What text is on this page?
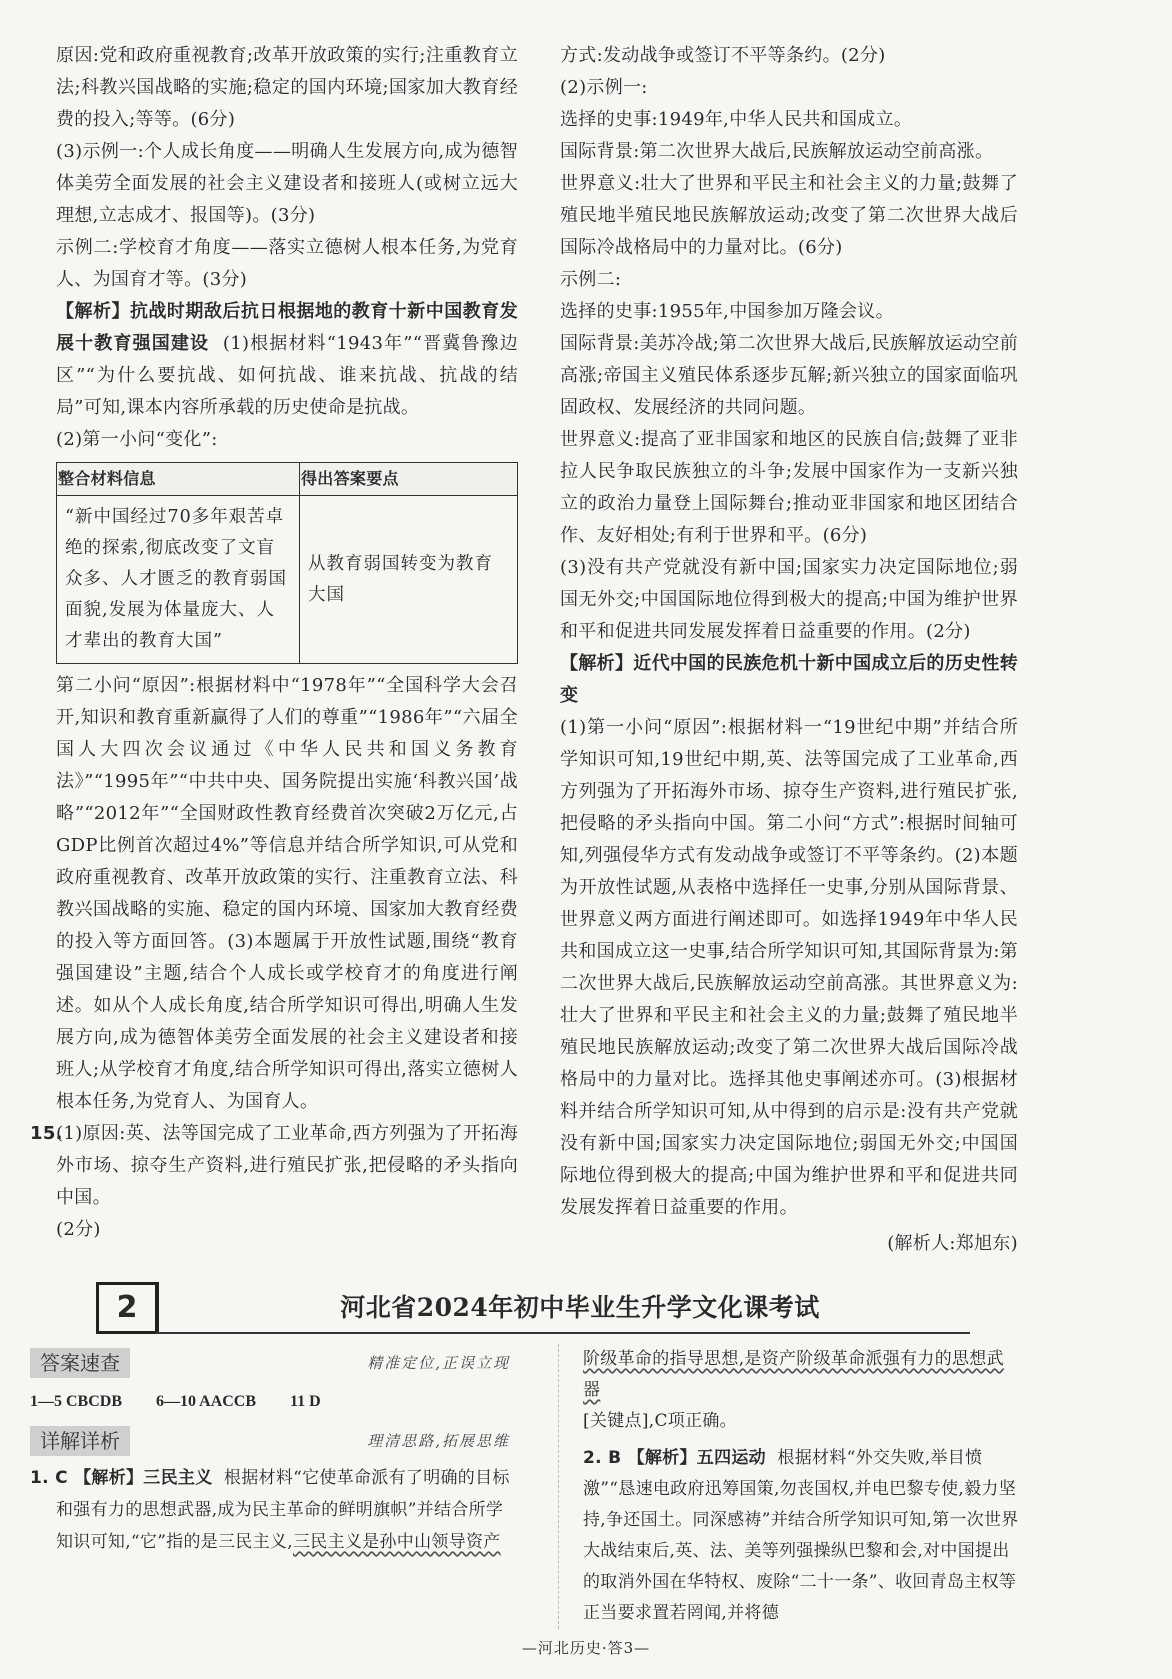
原因:党和政府重视教育;改革开放政策的实行;注重教育立法;科教兴国战略的实施;稳定的国内环境;国家加大教育经费的投入;等等。(6分)

(3)示例一:个人成长角度——明确人生发展方向,成为德智体美劳全面发展的社会主义建设者和接班人(或树立远大理想,立志成才、报国等)。(3分)

示例二:学校育才角度——落实立德树人根本任务,为党育人、为国育才等。(3分)

【解析】抗战时期敌后抗日根据地的教育十新中国教育发展十教育强国建设 (1)根据材料“1943年”“晋冀鲁豫边区”“为什么要抗战、如何抗战、谁来抗战、抗战的结局”可知,课本内容所承载的历史使命是抗战。

(2)第一小问“变化”:

整合材料信息	得出答案要点
“新中国经过70多年艰苦卓绝的探索,彻底改变了文盲众多、人才匮乏的教育弱国面貌,发展为体量庞大、人才辈出的教育大国”	从教育弱国转变为教育大国

第二小问“原因”:根据材料中“1978年”“全国科学大会召开,知识和教育重新赢得了人们的尊重”“1986年”“六届全国人大四次会议通过《中华人民共和国义务教育法》”“1995年”“中共中央、国务院提出实施‘科教兴国’战略”“2012年”“全国财政性教育经费首次突破2万亿元,占GDP比例首次超过4%”等信息并结合所学知识,可从党和政府重视教育、改革开放政策的实行、注重教育立法、科教兴国战略的实施、稳定的国内环境、国家加大教育经费的投入等方面回答。(3)本题属于开放性试题,围绕“教育强国建设”主题,结合个人成长或学校育才的角度进行阐述。如从个人成长角度,结合所学知识可得出,明确人生发展方向,成为德智体美劳全面发展的社会主义建设者和接班人;从学校育才角度,结合所学知识可得出,落实立德树人根本任务,为党育人、为国育人。

15.
(1)原因:英、法等国完成了工业革命,西方列强为了开拓海外市场、掠夺生产资料,进行殖民扩张,把侵略的矛头指向中国。

(2分)

方式:发动战争或签订不平等条约。(2分)

(2)示例一:

选择的史事:1949年,中华人民共和国成立。

国际背景:第二次世界大战后,民族解放运动空前高涨。

世界意义:壮大了世界和平民主和社会主义的力量;鼓舞了殖民地半殖民地民族解放运动;改变了第二次世界大战后国际冷战格局中的力量对比。(6分)

示例二:

选择的史事:1955年,中国参加万隆会议。

国际背景:美苏冷战;第二次世界大战后,民族解放运动空前高涨;帝国主义殖民体系逐步瓦解;新兴独立的国家面临巩固政权、发展经济的共同问题。

世界意义:提高了亚非国家和地区的民族自信;鼓舞了亚非拉人民争取民族独立的斗争;发展中国家作为一支新兴独立的政治力量登上国际舞台;推动亚非国家和地区团结合作、友好相处;有利于世界和平。(6分)

(3)没有共产党就没有新中国;国家实力决定国际地位;弱国无外交;中国国际地位得到极大的提高;中国为维护世界和平和促进共同发展发挥着日益重要的作用。(2分)

【解析】近代中国的民族危机十新中国成立后的历史性转变

(1)第一小问“原因”:根据材料一“19世纪中期”并结合所学知识可知,19世纪中期,英、法等国完成了工业革命,西方列强为了开拓海外市场、掠夺生产资料,进行殖民扩张,把侵略的矛头指向中国。第二小问“方式”:根据时间轴可知,列强侵华方式有发动战争或签订不平等条约。(2)本题为开放性试题,从表格中选择任一史事,分别从国际背景、世界意义两方面进行阐述即可。如选择1949年中华人民共和国成立这一史事,结合所学知识可知,其国际背景为:第二次世界大战后,民族解放运动空前高涨。其世界意义为:壮大了世界和平民主和社会主义的力量;鼓舞了殖民地半殖民地民族解放运动;改变了第二次世界大战后国际冷战格局中的力量对比。选择其他史事阐述亦可。(3)根据材料并结合所学知识可知,从中得到的启示是:没有共产党就没有新中国;国家实力决定国际地位;弱国无外交;中国国际地位得到极大的提高;中国为维护世界和平和促进共同发展发挥着日益重要的作用。

(解析人:郑旭东)

2	河北省2024年初中毕业生升学文化课考试
答案速查	精准定位,正误立现
1—5 CBCDB 6—10 AACCB 11 D
详解详析	理清思路,拓展思维

1. C 【解析】三民主义 根据材料“它使革命派有了明确的目标和强有力的思想武器,成为民主革命的鲜明旗帜”并结合所学知识可知,“它”指的是三民主义,三民主义是孙中山领导资产

阶级革命的指导思想,是资产阶级革命派强有力的思想武器

[关键点],C项正确。

2. B 【解析】五四运动 根据材料“外交失败,举目愤激”“恳速电政府迅筹国策,勿丧国权,并电巴黎专使,毅力坚持,争还国土。同深感祷”并结合所学知识可知,第一次世界大战结束后,英、法、美等列强操纵巴黎和会,对中国提出的取消外国在华特权、废除“二十一条”、收回青岛主权等正当要求置若罔闻,并将德

—河北历史·答3—
